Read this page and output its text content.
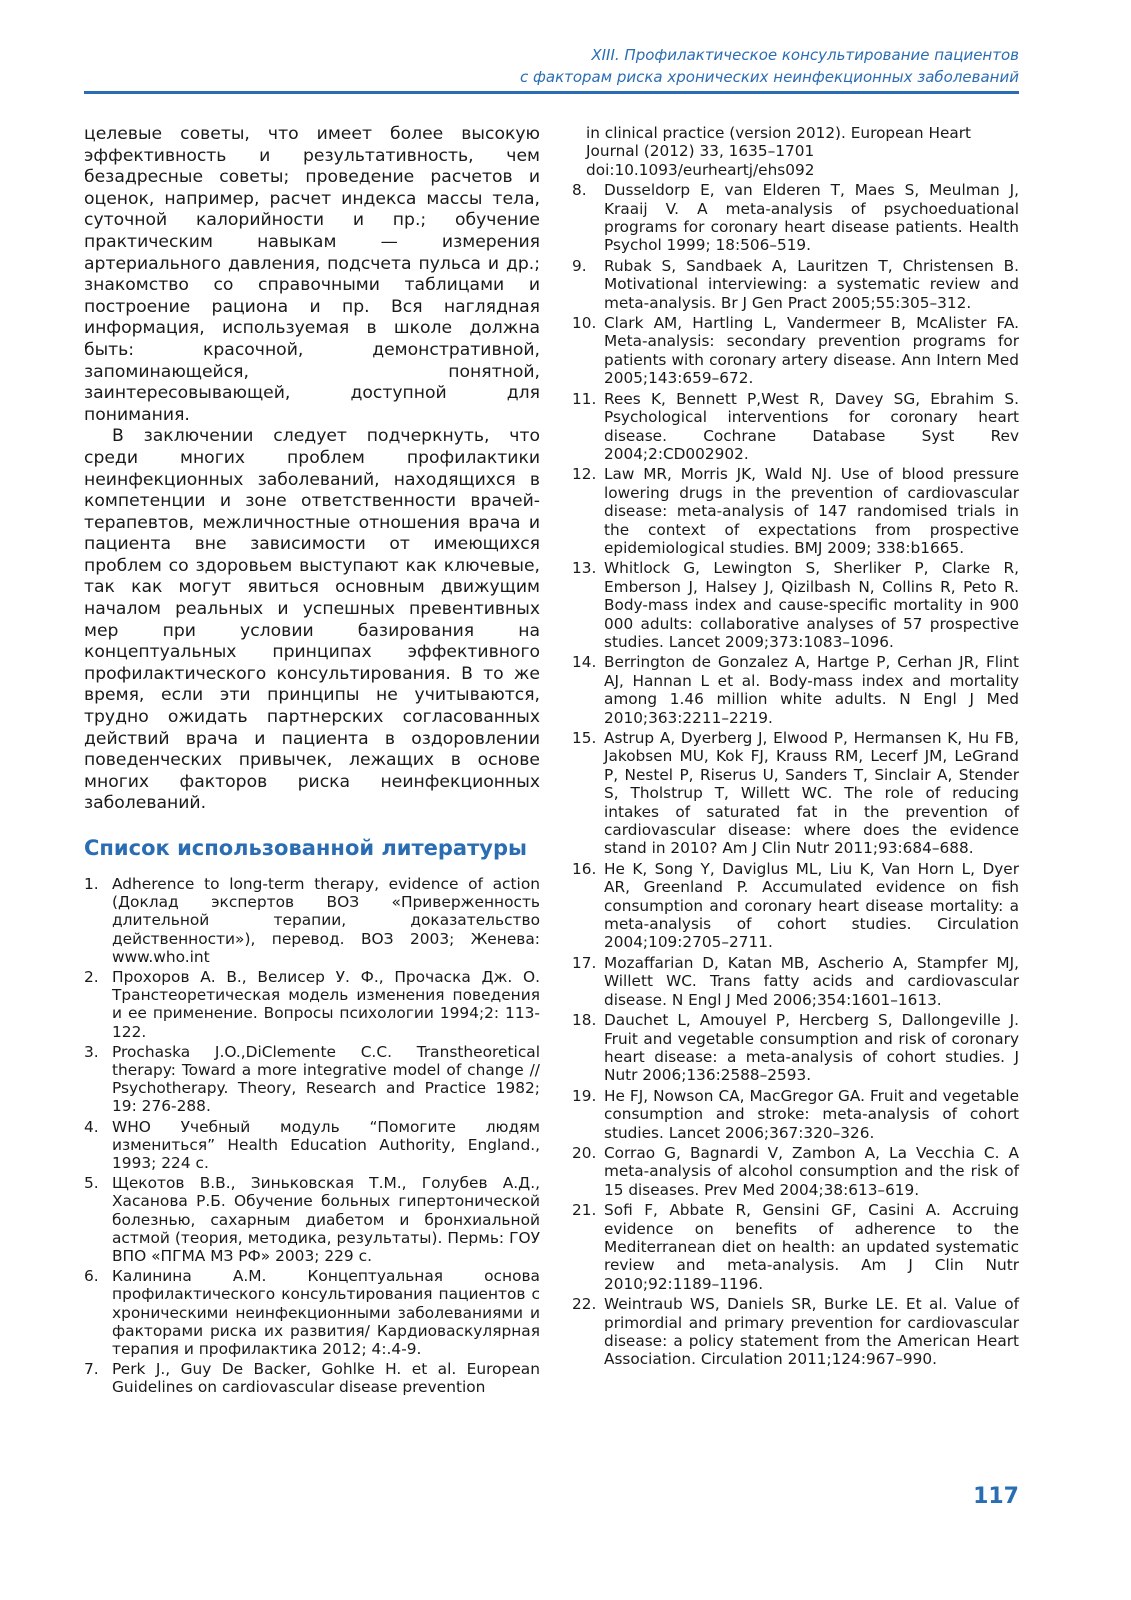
XIII. Профилактическое консультирование пациентов
с факторам риска хронических неинфекционных заболеваний

целевые советы, что имеет более высокую эффективность и результативность, чем безадресные советы; проведение расчетов и оценок, например, расчет индекса массы тела, суточной калорийности и пр.; обучение практическим навыкам — измерения артериального давления, подсчета пульса и др.; знакомство со справочными таблицами и построение рациона и пр. Вся наглядная информация, используемая в школе должна быть: красочной, демонстративной, запоминающейся, понятной, заинтересовывающей, доступной для понимания.

В заключении следует подчеркнуть, что среди многих проблем профилактики неинфекционных заболеваний, находящихся в компетенции и зоне ответственности врачей-терапевтов, межличностные отношения врача и пациента вне зависимости от имеющихся проблем со здоровьем выступают как ключевые, так как могут явиться основным движущим началом реальных и успешных превентивных мер при условии базирования на концептуальных принципах эффективного профилактического консультирования. В то же время, если эти принципы не учитываются, трудно ожидать партнерских согласованных действий врача и пациента в оздоровлении поведенческих привычек, лежащих в основе многих факторов риска неинфекционных заболеваний.

Список использованной литературы
1. Adherence to long-term therapy, evidence of action (Доклад экспертов ВОЗ «Приверженность длительной терапии, доказательство действенности»), перевод. ВОЗ 2003; Женева: www.who.int
2. Прохоров А. В., Велисер У. Ф., Прочаска Дж. О. Транстеоретическая модель изменения поведения и ее применение. Вопросы психологии 1994;2: 113-122.
3. Prochaska J.O.,DiClemente C.C. Transtheoretical therapy: Toward a more integrative model of change // Psychotherapy. Theory, Research and Practice 1982; 19: 276-288.
4. WHO Учебный модуль “Помогите людям измениться” Health Education Authority, England., 1993; 224 с.
5. Щекотов В.В., Зиньковская Т.М., Голубев А.Д., Хасанова Р.Б. Обучение больных гипертонической болезнью, сахарным диабетом и бронхиальной астмой (теория, методика, результаты). Пермь: ГОУ ВПО «ПГМА МЗ РФ» 2003; 229 с.
6. Калинина А.М. Концептуальная основа профилактического консультирования пациентов с хроническими неинфекционными заболеваниями и факторами риска их развития/ Кардиоваскулярная терапия и профилактика 2012; 4:.4-9.
7. Perk J., Guy De Backer, Gohlke H. et al. European Guidelines on cardiovascular disease prevention
in clinical practice (version 2012). European Heart Journal (2012) 33, 1635–1701 doi:10.1093/eurheartj/ehs092
8. Dusseldorp E, van Elderen T, Maes S, Meulman J, Kraaij V. A meta-analysis of psychoeduational programs for coronary heart disease patients. Health Psychol 1999; 18:506–519.
9. Rubak S, Sandbaek A, Lauritzen T, Christensen B. Motivational interviewing: a systematic review and meta-analysis. Br J Gen Pract 2005;55:305–312.
10. Clark AM, Hartling L, Vandermeer B, McAlister FA. Meta-analysis: secondary prevention programs for patients with coronary artery disease. Ann Intern Med 2005;143:659–672.
11. Rees K, Bennett P,West R, Davey SG, Ebrahim S. Psychological interventions for coronary heart disease. Cochrane Database Syst Rev 2004;2:CD002902.
12. Law MR, Morris JK, Wald NJ. Use of blood pressure lowering drugs in the prevention of cardiovascular disease: meta-analysis of 147 randomised trials in the context of expectations from prospective epidemiological studies. BMJ 2009; 338:b1665.
13. Whitlock G, Lewington S, Sherliker P, Clarke R, Emberson J, Halsey J, Qizilbash N, Collins R, Peto R. Body-mass index and cause-specific mortality in 900 000 adults: collaborative analyses of 57 prospective studies. Lancet 2009;373:1083–1096.
14. Berrington de Gonzalez A, Hartge P, Cerhan JR, Flint AJ, Hannan L et al. Body-mass index and mortality among 1.46 million white adults. N Engl J Med 2010;363:2211–2219.
15. Astrup A, Dyerberg J, Elwood P, Hermansen K, Hu FB, Jakobsen MU, Kok FJ, Krauss RM, Lecerf JM, LeGrand P, Nestel P, Riserus U, Sanders T, Sinclair A, Stender S, Tholstrup T, Willett WC. The role of reducing intakes of saturated fat in the prevention of cardiovascular disease: where does the evidence stand in 2010? Am J Clin Nutr 2011;93:684–688.
16. He K, Song Y, Daviglus ML, Liu K, Van Horn L, Dyer AR, Greenland P. Accumulated evidence on fish consumption and coronary heart disease mortality: a meta-analysis of cohort studies. Circulation 2004;109:2705–2711.
17. Mozaffarian D, Katan MB, Ascherio A, Stampfer MJ, Willett WC. Trans fatty acids and cardiovascular disease. N Engl J Med 2006;354:1601–1613.
18. Dauchet L, Amouyel P, Hercberg S, Dallongeville J. Fruit and vegetable consumption and risk of coronary heart disease: a meta-analysis of cohort studies. J Nutr 2006;136:2588–2593.
19. He FJ, Nowson CA, MacGregor GA. Fruit and vegetable consumption and stroke: meta-analysis of cohort studies. Lancet 2006;367:320–326.
20. Corrao G, Bagnardi V, Zambon A, La Vecchia C. A meta-analysis of alcohol consumption and the risk of 15 diseases. Prev Med 2004;38:613–619.
21. Sofi F, Abbate R, Gensini GF, Casini A. Accruing evidence on benefits of adherence to the Mediterranean diet on health: an updated systematic review and meta-analysis. Am J Clin Nutr 2010;92:1189–1196.
22. Weintraub WS, Daniels SR, Burke LE. Et al. Value of primordial and primary prevention for cardiovascular disease: a policy statement from the American Heart Association. Circulation 2011;124:967–990.
117
